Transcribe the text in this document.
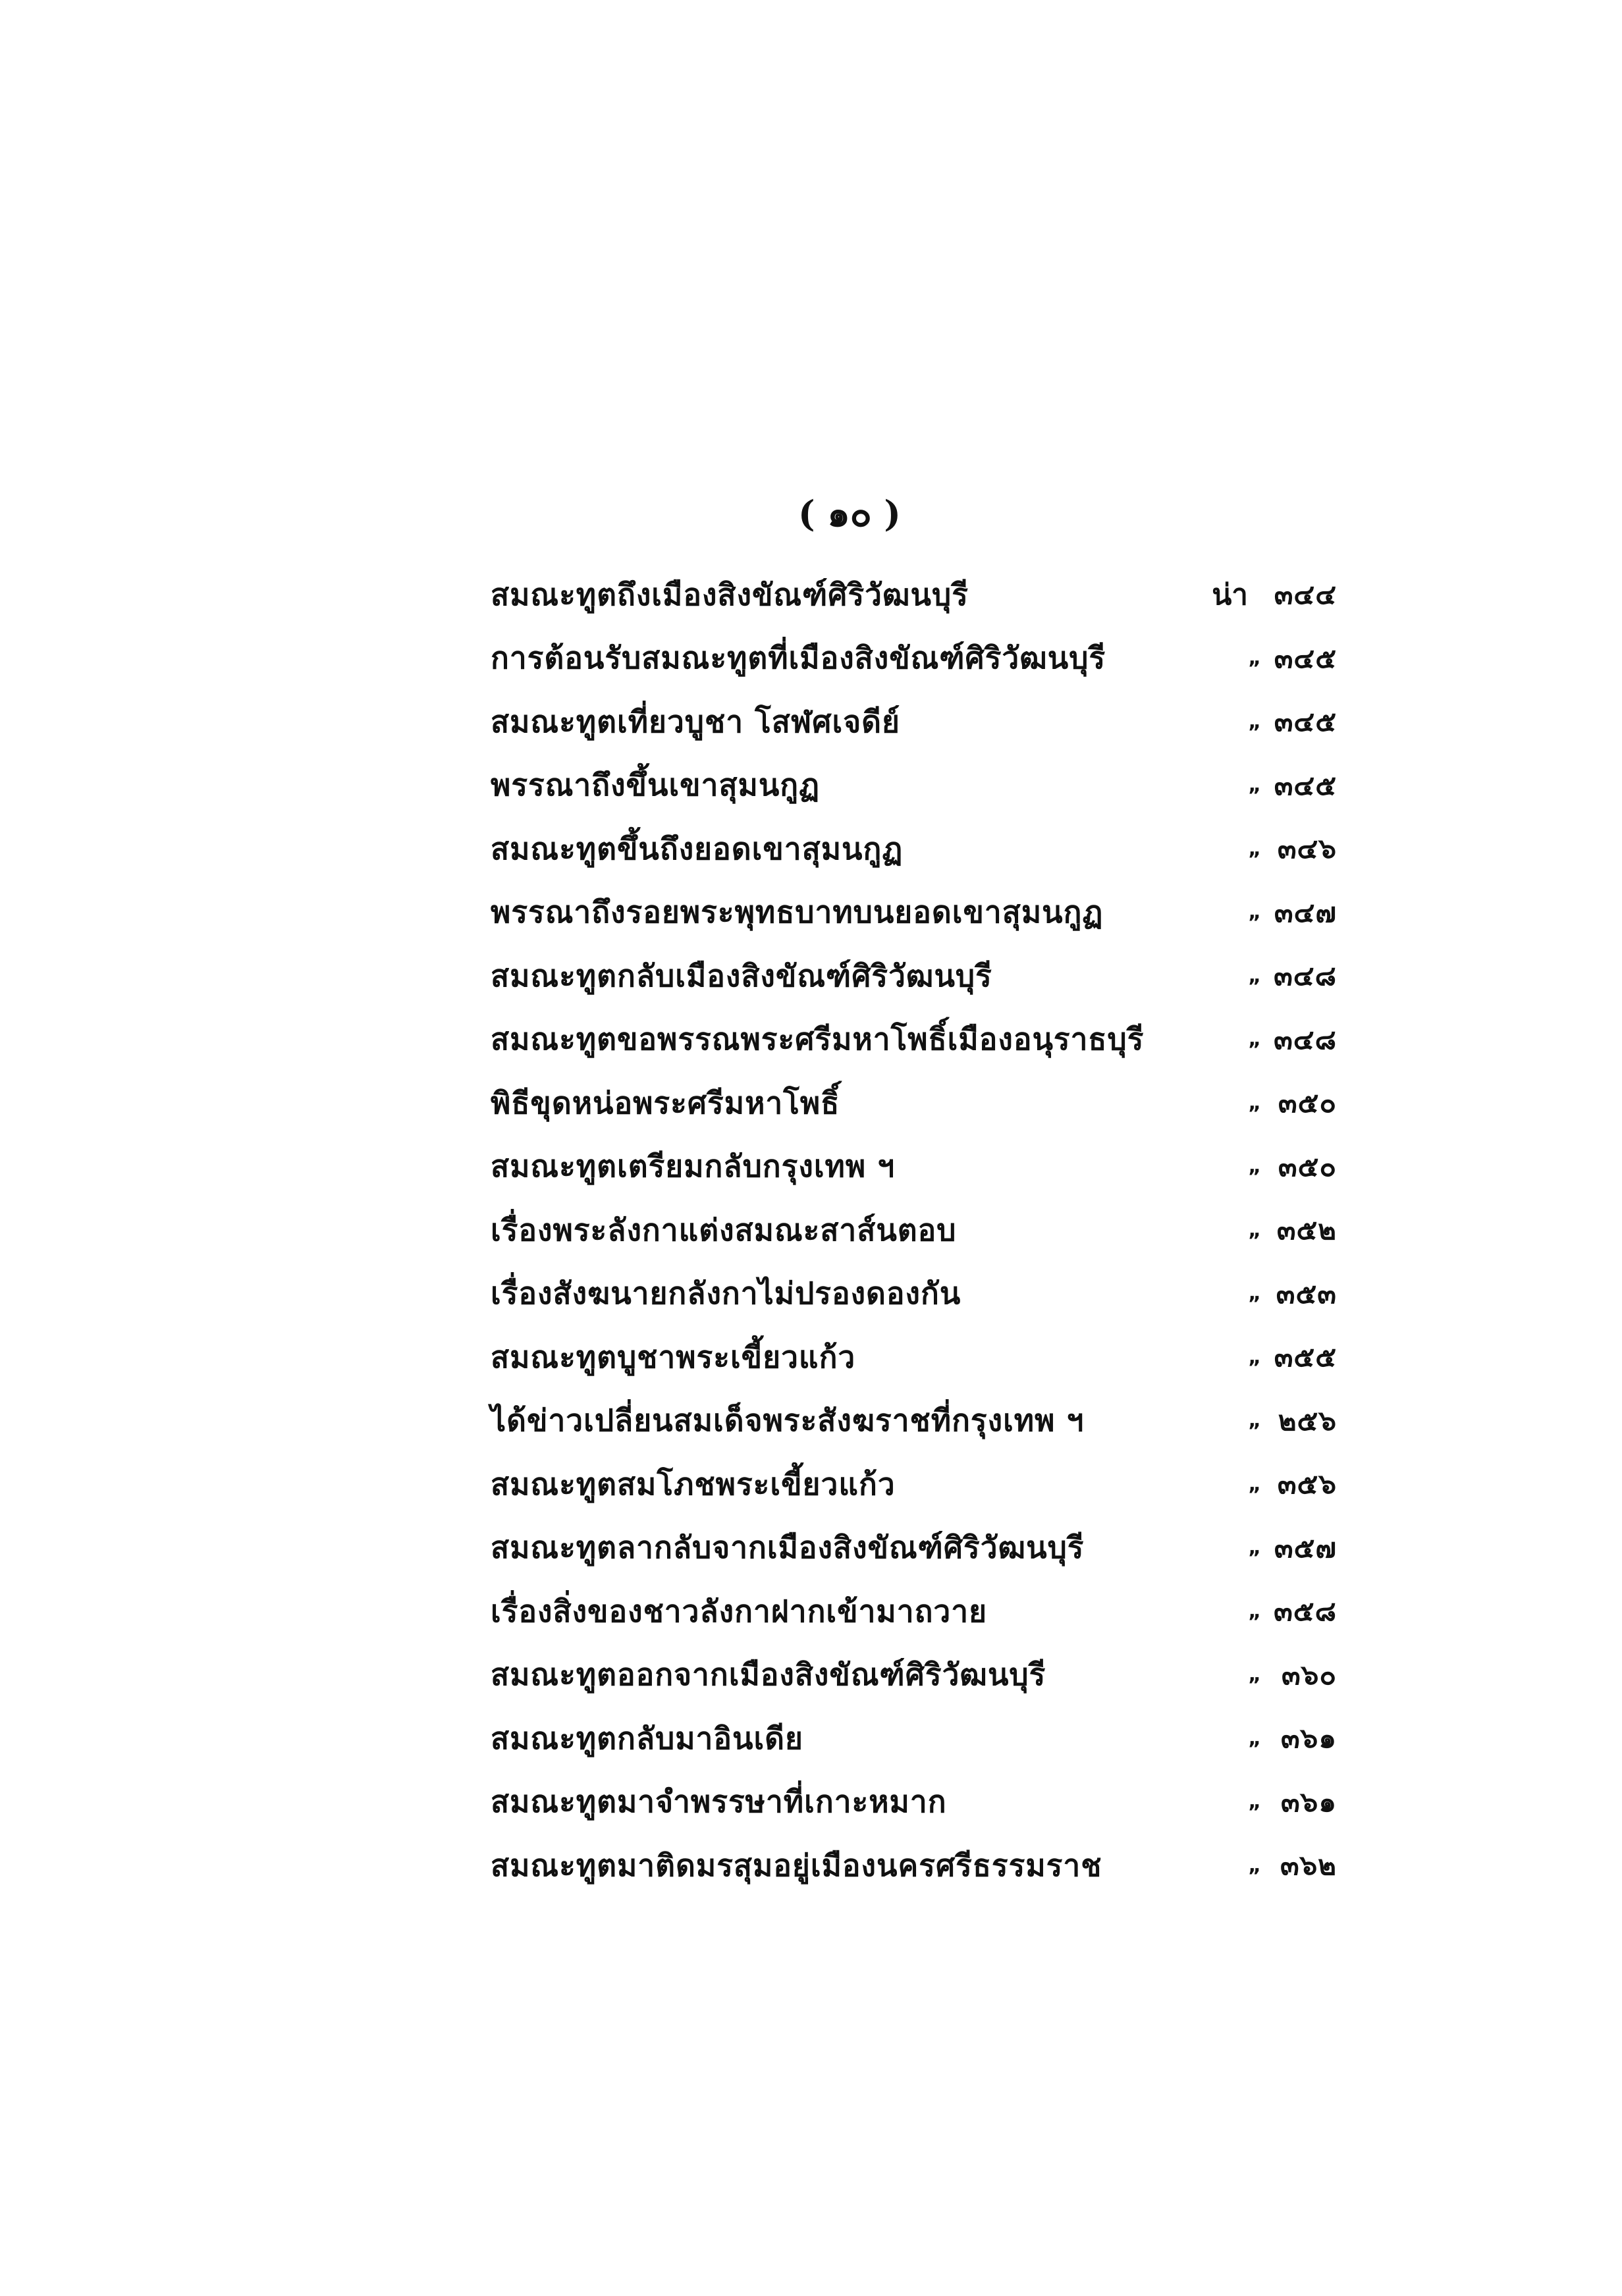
( ๑๐ )
สมณะทูตถึงเมืองสิงขัณฑ์ศิริวัฒนบุรี	น่า ๓๔๔
การต้อนรับสมณะทูตที่เมืองสิงขัณฑ์ศิริวัฒนบุรี	„ ๓๔๕
สมณะทูตเที่ยวบูชา โสฬศเจดีย์	„ ๓๔๕
พรรณาถึงขึ้นเขาสุมนกูฏ	„ ๓๔๕
สมณะทูตขึ้นถึงยอดเขาสุมนกูฏ	„ ๓๔๖
พรรณาถึงรอยพระพุทธบาทบนยอดเขาสุมนกูฏ	„ ๓๔๗
สมณะทูตกลับเมืองสิงขัณฑ์ศิริวัฒนบุรี	„ ๓๔๘
สมณะทูตขอพรรณพระศรีมหาโพธิ์เมืองอนุราธบุรี	„ ๓๔๘
พิธีขุดหน่อพระศรีมหาโพธิ์	„ ๓๕๐
สมณะทูตเตรียมกลับกรุงเทพ ฯ	„ ๓๕๐
เรื่องพระลังกาแต่งสมณะสาส์นตอบ	„ ๓๕๒
เรื่องสังฆนายกลังกาไม่ปรองดองกัน	„ ๓๕๓
สมณะทูตบูชาพระเขี้ยวแก้ว	„ ๓๕๕
ได้ข่าวเปลี่ยนสมเด็จพระสังฆราชที่กรุงเทพ ฯ	„ ๒๕๖
สมณะทูตสมโภชพระเขี้ยวแก้ว	„ ๓๕๖
สมณะทูตลากลับจากเมืองสิงขัณฑ์ศิริวัฒนบุรี	„ ๓๕๗
เรื่องสิ่งของชาวลังกาฝากเข้ามาถวาย	„ ๓๕๘
สมณะทูตออกจากเมืองสิงขัณฑ์ศิริวัฒนบุรี	„ ๓๖๐
สมณะทูตกลับมาอินเดีย	„ ๓๖๑
สมณะทูตมาจำพรรษาที่เกาะหมาก	„ ๓๖๑
สมณะทูตมาติดมรสุมอยู่เมืองนครศรีธรรมราช	„ ๓๖๒
